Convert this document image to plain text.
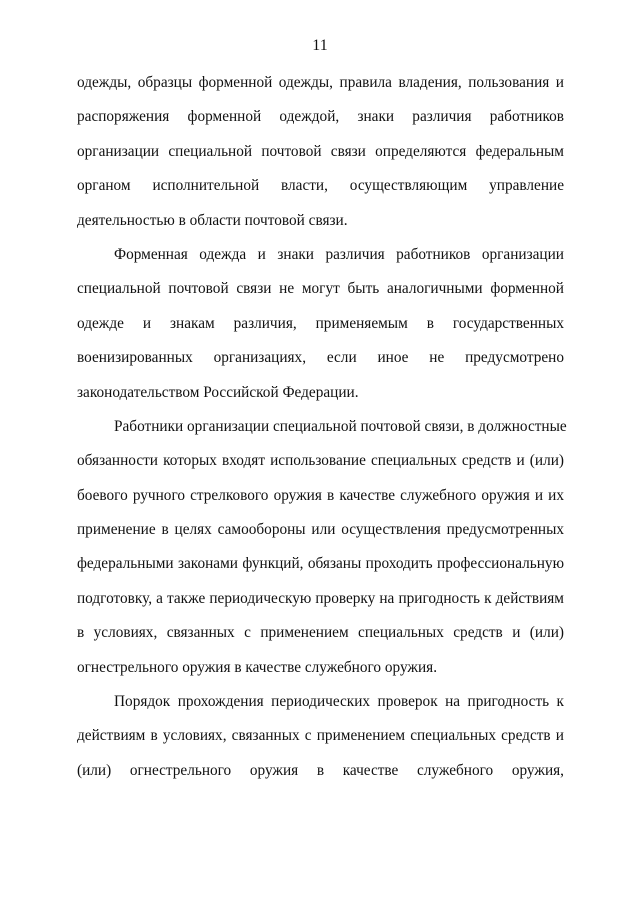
11
одежды, образцы форменной одежды, правила владения, пользования и
распоряжения форменной одеждой, знаки различия работников
организации специальной почтовой связи определяются федеральным
органом исполнительной власти, осуществляющим управление
деятельностью в области почтовой связи.
Форменная одежда и знаки различия работников организации
специальной почтовой связи не могут быть аналогичными форменной
одежде и знакам различия, применяемым в государственных
военизированных организациях, если иное не предусмотрено
законодательством Российской Федерации.
Работники организации специальной почтовой связи, в должностные
обязанности которых входят использование специальных средств и (или)
боевого ручного стрелкового оружия в качестве служебного оружия и их
применение в целях самообороны или осуществления предусмотренных
федеральными законами функций, обязаны проходить профессиональную
подготовку, а также периодическую проверку на пригодность к действиям
в условиях, связанных с применением специальных средств и (или)
огнестрельного оружия в качестве служебного оружия.
Порядок прохождения периодических проверок на пригодность к
действиям в условиях, связанных с применением специальных средств и
(или) огнестрельного оружия в качестве служебного оружия,
